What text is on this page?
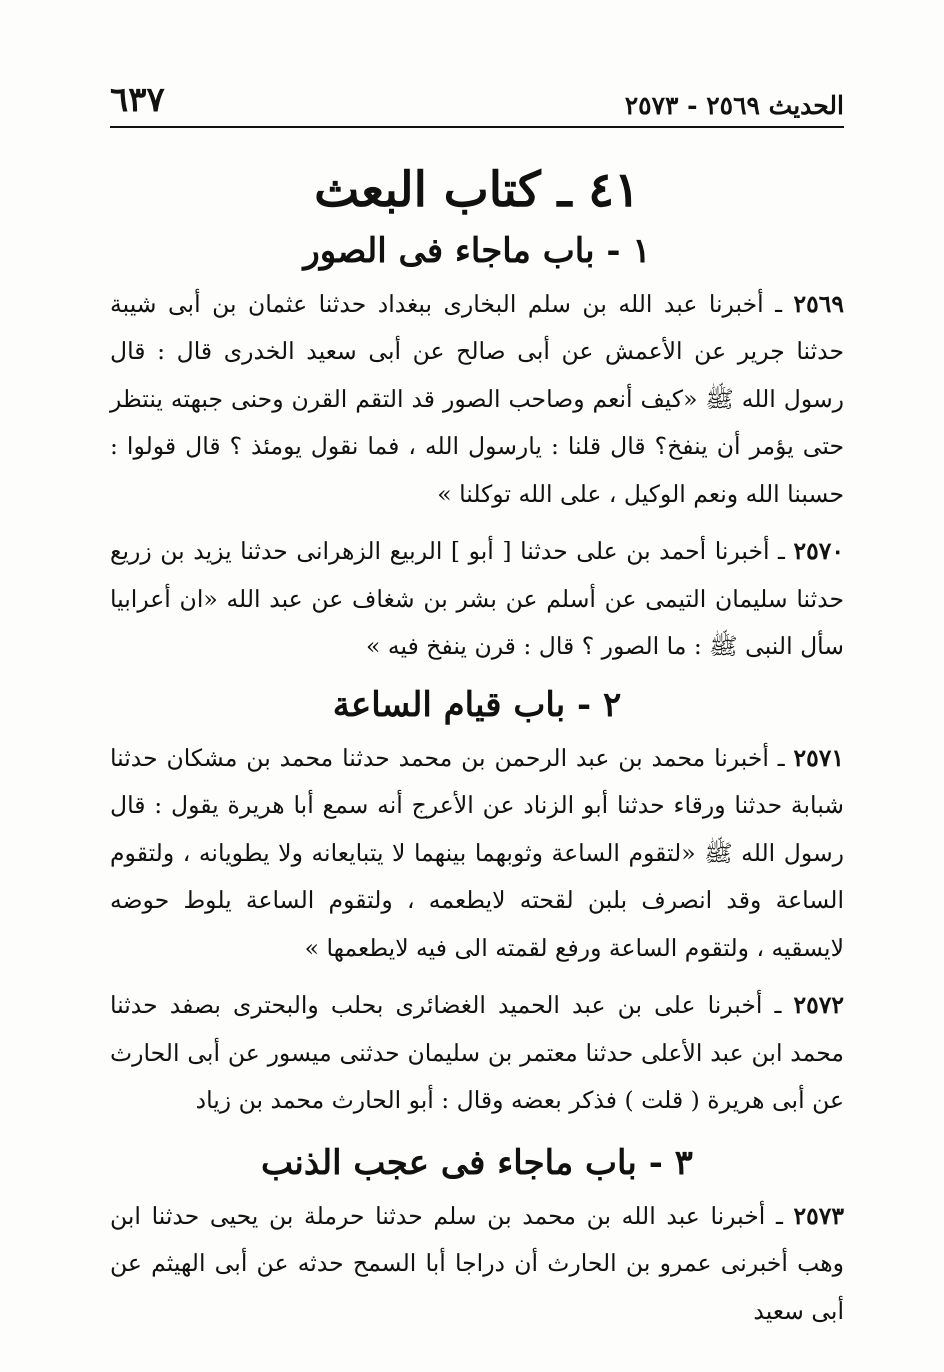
الحديث ٢٥٦٩ - ٢٥٧٣
٦٣٧
٤١ ـ كتاب البعث
١ - باب ماجاء فى الصور

٢٥٦٩ ـ أخبرنا عبد الله بن سلم البخارى ببغداد حدثنا عثمان بن أبى شيبة حدثنا جرير عن الأعمش عن أبى صالح عن أبى سعيد الخدرى قال : قال رسول الله ﷺ «كيف أنعم وصاحب الصور قد التقم القرن وحنى جبهته ينتظر حتى يؤمر أن ينفخ؟ قال قلنا : يارسول الله ، فما نقول يومئذ ؟ قال قولوا : حسبنا الله ونعم الوكيل ، على الله توكلنا »

٢٥٧٠ ـ أخبرنا أحمد بن على حدثنا [ أبو ] الربيع الزهرانى حدثنا يزيد بن زريع حدثنا سليمان التيمى عن أسلم عن بشر بن شغاف عن عبد الله «ان أعرابيا سأل النبى ﷺ : ما الصور ؟ قال : قرن ينفخ فيه »

٢ - باب قيام الساعة

٢٥٧١ ـ أخبرنا محمد بن عبد الرحمن بن محمد حدثنا محمد بن مشكان حدثنا شبابة حدثنا ورقاء حدثنا أبو الزناد عن الأعرج أنه سمع أبا هريرة يقول : قال رسول الله ﷺ «لتقوم الساعة وثوبهما بينهما لا يتبايعانه ولا يطويانه ، ولتقوم الساعة وقد انصرف بلبن لقحته لايطعمه ، ولتقوم الساعة يلوط حوضه لايسقيه ، ولتقوم الساعة ورفع لقمته الى فيه لايطعمها »

٢٥٧٢ ـ أخبرنا على بن عبد الحميد الغضائرى بحلب والبحترى بصفد حدثنا محمد ابن عبد الأعلى حدثنا معتمر بن سليمان حدثنى ميسور عن أبى الحارث عن أبى هريرة ( قلت ) فذكر بعضه وقال : أبو الحارث محمد بن زياد

٣ - باب ماجاء فى عجب الذنب

٢٥٧٣ ـ أخبرنا عبد الله بن محمد بن سلم حدثنا حرملة بن يحيى حدثنا ابن وهب أخبرنى عمرو بن الحارث أن دراجا أبا السمح حدثه عن أبى الهيثم عن أبى سعيد
